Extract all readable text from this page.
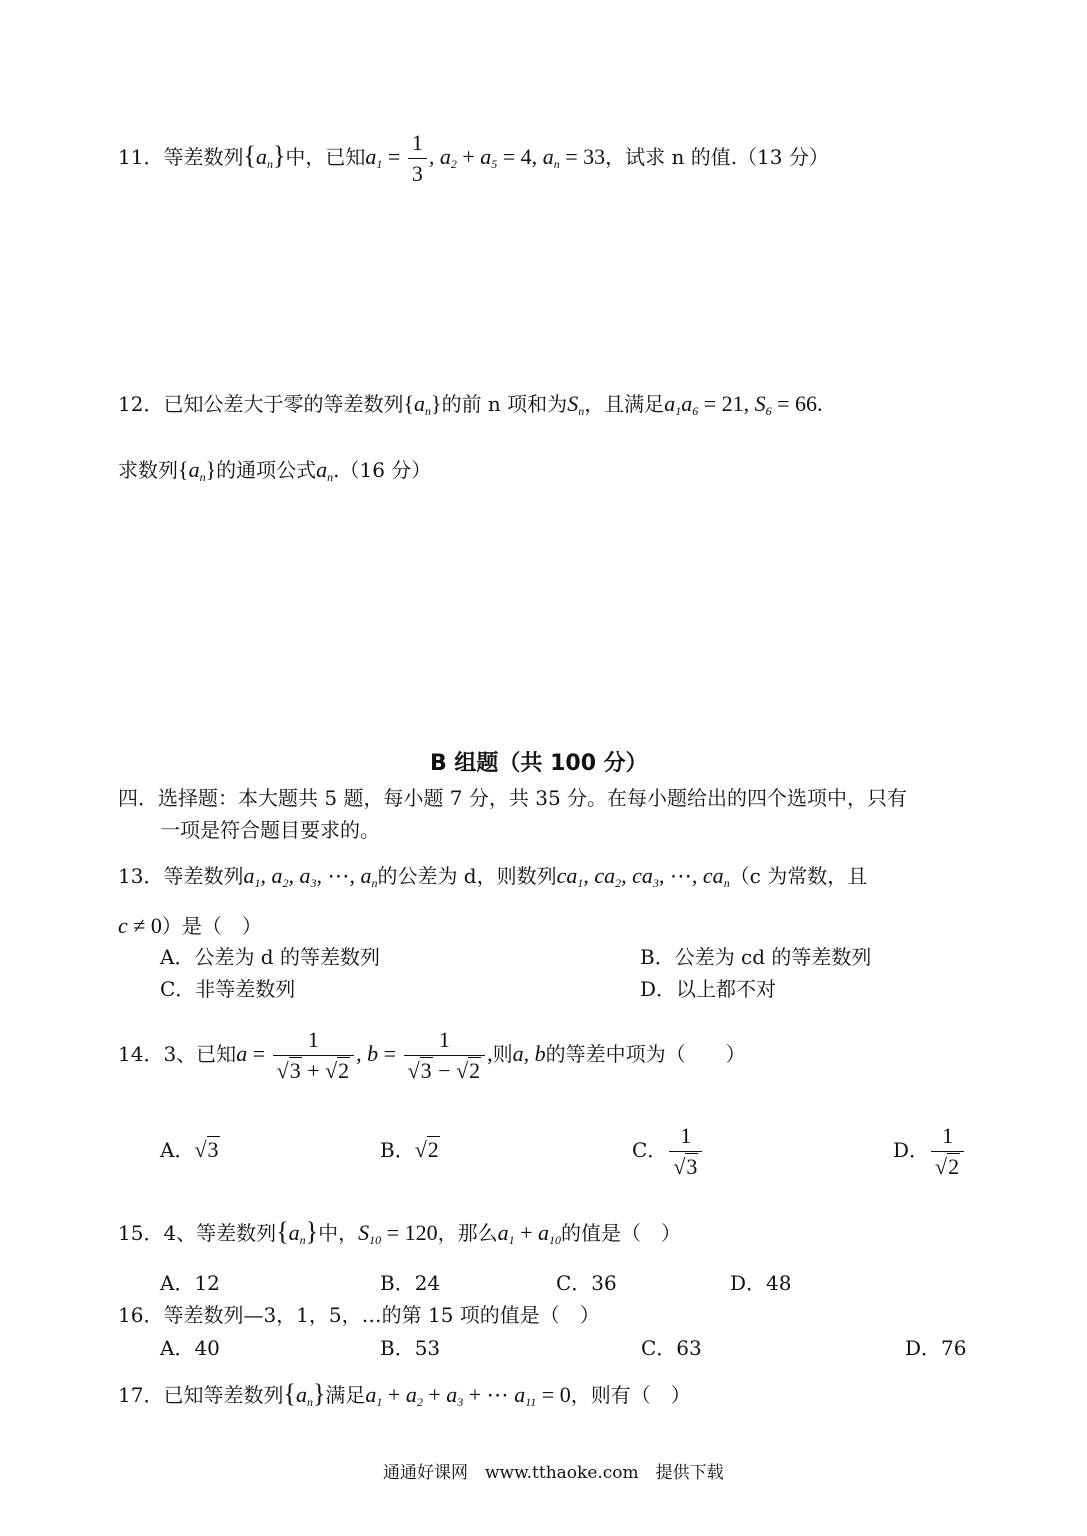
11．等差数列$\{a_n\}$中，已知$a_1 = \frac{1}{3}$ , $a_2 + a_5 = 4$, $a_n = 33$，试求 n 的值.（13 分）
12．已知公差大于零的等差数列$\{a_n\}$的前 n 项和为$S_n$，且满足$a_1a_6 = 21$, $S_6 = 66$.
求数列$\{a_n\}$的通项公式$a_n.(16$ 分）
B 组题（共 100 分）
四．选择题：本大题共 5 题，每小题 7 分，共 35 分。在每小题给出的四个选项中，只有
一项是符合题目要求的。
13．等差数列$a_1$, $a_2$, $a_3$, ⋯, $a_n$的公差为 d，则数列$ca_1$, $ca_2$, $ca_3$, ⋯, $ca_n(c$ 为常数，且
c ≠ 0）是（　）
A．公差为 d 的等差数列	B．公差为 cd 的等差数列
C．非等差数列	D．以上都不对
14．3、已知$a = \frac{1}{√3 + √2}$ , $b = \frac{1}{√3 - √2}$ ,则a, b的等差中项为（　　）
A．√3	B．√2	C． $\frac{1}{√3}$	D． $\frac{1}{√2}$
15．4、等差数列$\{a_n\}$中，$S_{10} = 120$，那么$a_1 + a_{10}$的值是（　）
A．12	B．24	C．36	D．48
16．等差数列—3，1，5，…的第 15 项的值是（　）
A．40	B．53	C．63	D．76
17．已知等差数列$\{a_n\}$满足$a_1 + a_2 + a_3$ + ⋯ $a_{11} = 0$，则有（　）
通通好课网　www.tthaoke.com　提供下载
